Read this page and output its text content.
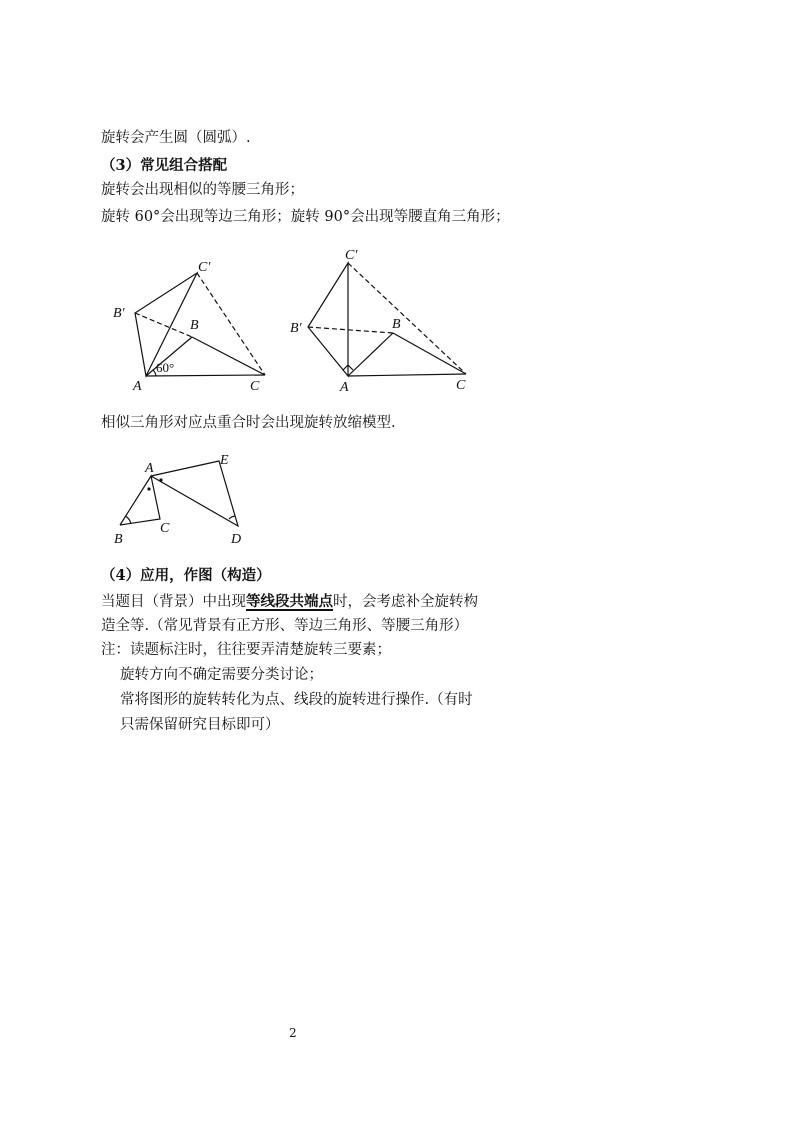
旋转会产生圆（圆弧）.
（3）常见组合搭配
旋转会出现相似的等腰三角形；
旋转 60°会出现等边三角形；旋转 90°会出现等腰直角三角形；
C′
B′
B
A	C
60°
C′
B′	B
A	C
相似三角形对应点重合时会出现旋转放缩模型.
A
E
C
B	D
（4）应用，作图（构造）
当题目（背景）中出现等线段共端点时，会考虑补全旋转构
造全等.（常见背景有正方形、等边三角形、等腰三角形）
注：读题标注时，往往要弄清楚旋转三要素；
旋转方向不确定需要分类讨论；
常将图形的旋转转化为点、线段的旋转进行操作.（有时
只需保留研究目标即可）
2
